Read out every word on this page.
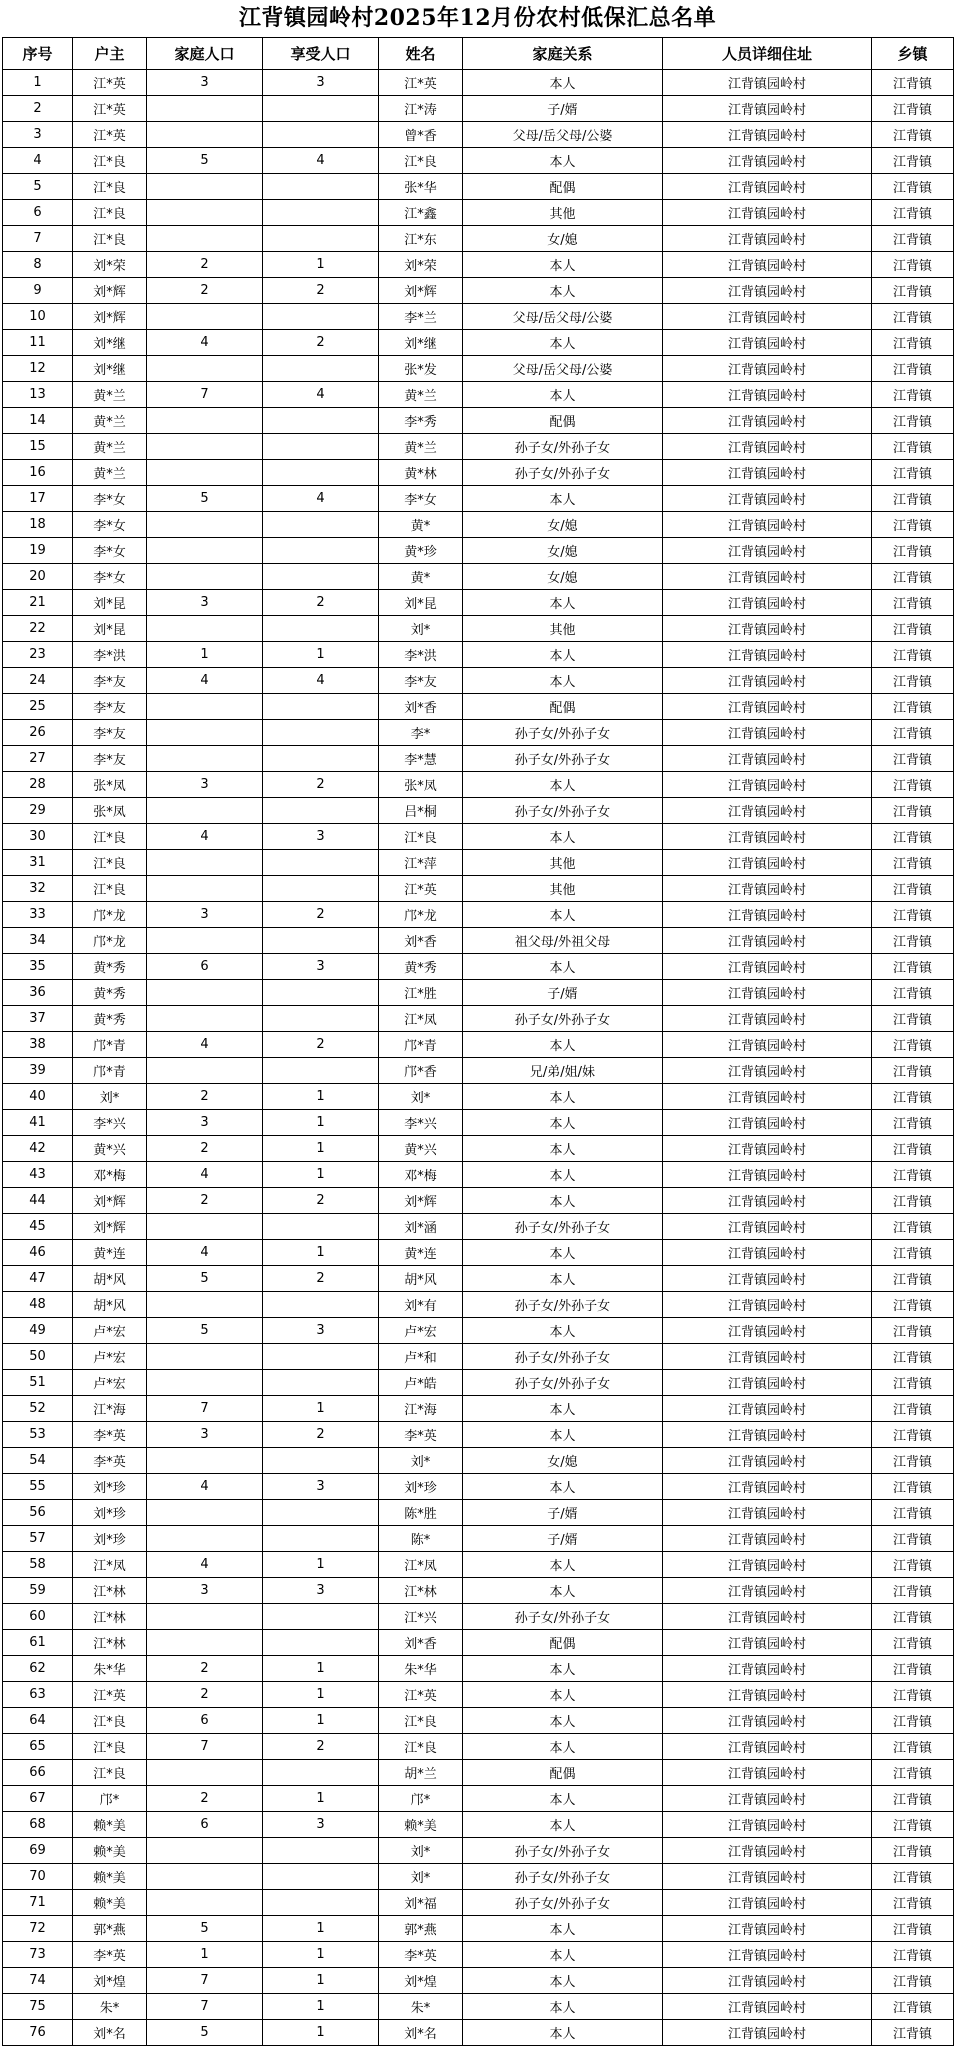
江背镇园岭村2025年12月份农村低保汇总名单
序号	户主	家庭人口	享受人口	姓名	家庭关系	人员详细住址	乡镇
1	江*英	3	3	江*英	本人	江背镇园岭村	江背镇
2	江*英			江*涛	子/婿	江背镇园岭村	江背镇
3	江*英			曾*香	父母/岳父母/公婆	江背镇园岭村	江背镇
4	江*良	5	4	江*良	本人	江背镇园岭村	江背镇
5	江*良			张*华	配偶	江背镇园岭村	江背镇
6	江*良			江*鑫	其他	江背镇园岭村	江背镇
7	江*良			江*东	女/媳	江背镇园岭村	江背镇
8	刘*荣	2	1	刘*荣	本人	江背镇园岭村	江背镇
9	刘*辉	2	2	刘*辉	本人	江背镇园岭村	江背镇
10	刘*辉			李*兰	父母/岳父母/公婆	江背镇园岭村	江背镇
11	刘*继	4	2	刘*继	本人	江背镇园岭村	江背镇
12	刘*继			张*发	父母/岳父母/公婆	江背镇园岭村	江背镇
13	黄*兰	7	4	黄*兰	本人	江背镇园岭村	江背镇
14	黄*兰			李*秀	配偶	江背镇园岭村	江背镇
15	黄*兰			黄*兰	孙子女/外孙子女	江背镇园岭村	江背镇
16	黄*兰			黄*林	孙子女/外孙子女	江背镇园岭村	江背镇
17	李*女	5	4	李*女	本人	江背镇园岭村	江背镇
18	李*女			黄*	女/媳	江背镇园岭村	江背镇
19	李*女			黄*珍	女/媳	江背镇园岭村	江背镇
20	李*女			黄*	女/媳	江背镇园岭村	江背镇
21	刘*昆	3	2	刘*昆	本人	江背镇园岭村	江背镇
22	刘*昆			刘*	其他	江背镇园岭村	江背镇
23	李*洪	1	1	李*洪	本人	江背镇园岭村	江背镇
24	李*友	4	4	李*友	本人	江背镇园岭村	江背镇
25	李*友			刘*香	配偶	江背镇园岭村	江背镇
26	李*友			李*	孙子女/外孙子女	江背镇园岭村	江背镇
27	李*友			李*慧	孙子女/外孙子女	江背镇园岭村	江背镇
28	张*凤	3	2	张*凤	本人	江背镇园岭村	江背镇
29	张*凤			吕*桐	孙子女/外孙子女	江背镇园岭村	江背镇
30	江*良	4	3	江*良	本人	江背镇园岭村	江背镇
31	江*良			江*萍	其他	江背镇园岭村	江背镇
32	江*良			江*英	其他	江背镇园岭村	江背镇
33	邝*龙	3	2	邝*龙	本人	江背镇园岭村	江背镇
34	邝*龙			刘*香	祖父母/外祖父母	江背镇园岭村	江背镇
35	黄*秀	6	3	黄*秀	本人	江背镇园岭村	江背镇
36	黄*秀			江*胜	子/婿	江背镇园岭村	江背镇
37	黄*秀			江*凤	孙子女/外孙子女	江背镇园岭村	江背镇
38	邝*青	4	2	邝*青	本人	江背镇园岭村	江背镇
39	邝*青			邝*香	兄/弟/姐/妹	江背镇园岭村	江背镇
40	刘*	2	1	刘*	本人	江背镇园岭村	江背镇
41	李*兴	3	1	李*兴	本人	江背镇园岭村	江背镇
42	黄*兴	2	1	黄*兴	本人	江背镇园岭村	江背镇
43	邓*梅	4	1	邓*梅	本人	江背镇园岭村	江背镇
44	刘*辉	2	2	刘*辉	本人	江背镇园岭村	江背镇
45	刘*辉			刘*涵	孙子女/外孙子女	江背镇园岭村	江背镇
46	黄*连	4	1	黄*连	本人	江背镇园岭村	江背镇
47	胡*风	5	2	胡*风	本人	江背镇园岭村	江背镇
48	胡*风			刘*有	孙子女/外孙子女	江背镇园岭村	江背镇
49	卢*宏	5	3	卢*宏	本人	江背镇园岭村	江背镇
50	卢*宏			卢*和	孙子女/外孙子女	江背镇园岭村	江背镇
51	卢*宏			卢*皓	孙子女/外孙子女	江背镇园岭村	江背镇
52	江*海	7	1	江*海	本人	江背镇园岭村	江背镇
53	李*英	3	2	李*英	本人	江背镇园岭村	江背镇
54	李*英			刘*	女/媳	江背镇园岭村	江背镇
55	刘*珍	4	3	刘*珍	本人	江背镇园岭村	江背镇
56	刘*珍			陈*胜	子/婿	江背镇园岭村	江背镇
57	刘*珍			陈*	子/婿	江背镇园岭村	江背镇
58	江*凤	4	1	江*凤	本人	江背镇园岭村	江背镇
59	江*林	3	3	江*林	本人	江背镇园岭村	江背镇
60	江*林			江*兴	孙子女/外孙子女	江背镇园岭村	江背镇
61	江*林			刘*香	配偶	江背镇园岭村	江背镇
62	朱*华	2	1	朱*华	本人	江背镇园岭村	江背镇
63	江*英	2	1	江*英	本人	江背镇园岭村	江背镇
64	江*良	6	1	江*良	本人	江背镇园岭村	江背镇
65	江*良	7	2	江*良	本人	江背镇园岭村	江背镇
66	江*良			胡*兰	配偶	江背镇园岭村	江背镇
67	邝*	2	1	邝*	本人	江背镇园岭村	江背镇
68	赖*美	6	3	赖*美	本人	江背镇园岭村	江背镇
69	赖*美			刘*	孙子女/外孙子女	江背镇园岭村	江背镇
70	赖*美			刘*	孙子女/外孙子女	江背镇园岭村	江背镇
71	赖*美			刘*福	孙子女/外孙子女	江背镇园岭村	江背镇
72	郭*燕	5	1	郭*燕	本人	江背镇园岭村	江背镇
73	李*英	1	1	李*英	本人	江背镇园岭村	江背镇
74	刘*煌	7	1	刘*煌	本人	江背镇园岭村	江背镇
75	朱*	7	1	朱*	本人	江背镇园岭村	江背镇
76	刘*名	5	1	刘*名	本人	江背镇园岭村	江背镇
